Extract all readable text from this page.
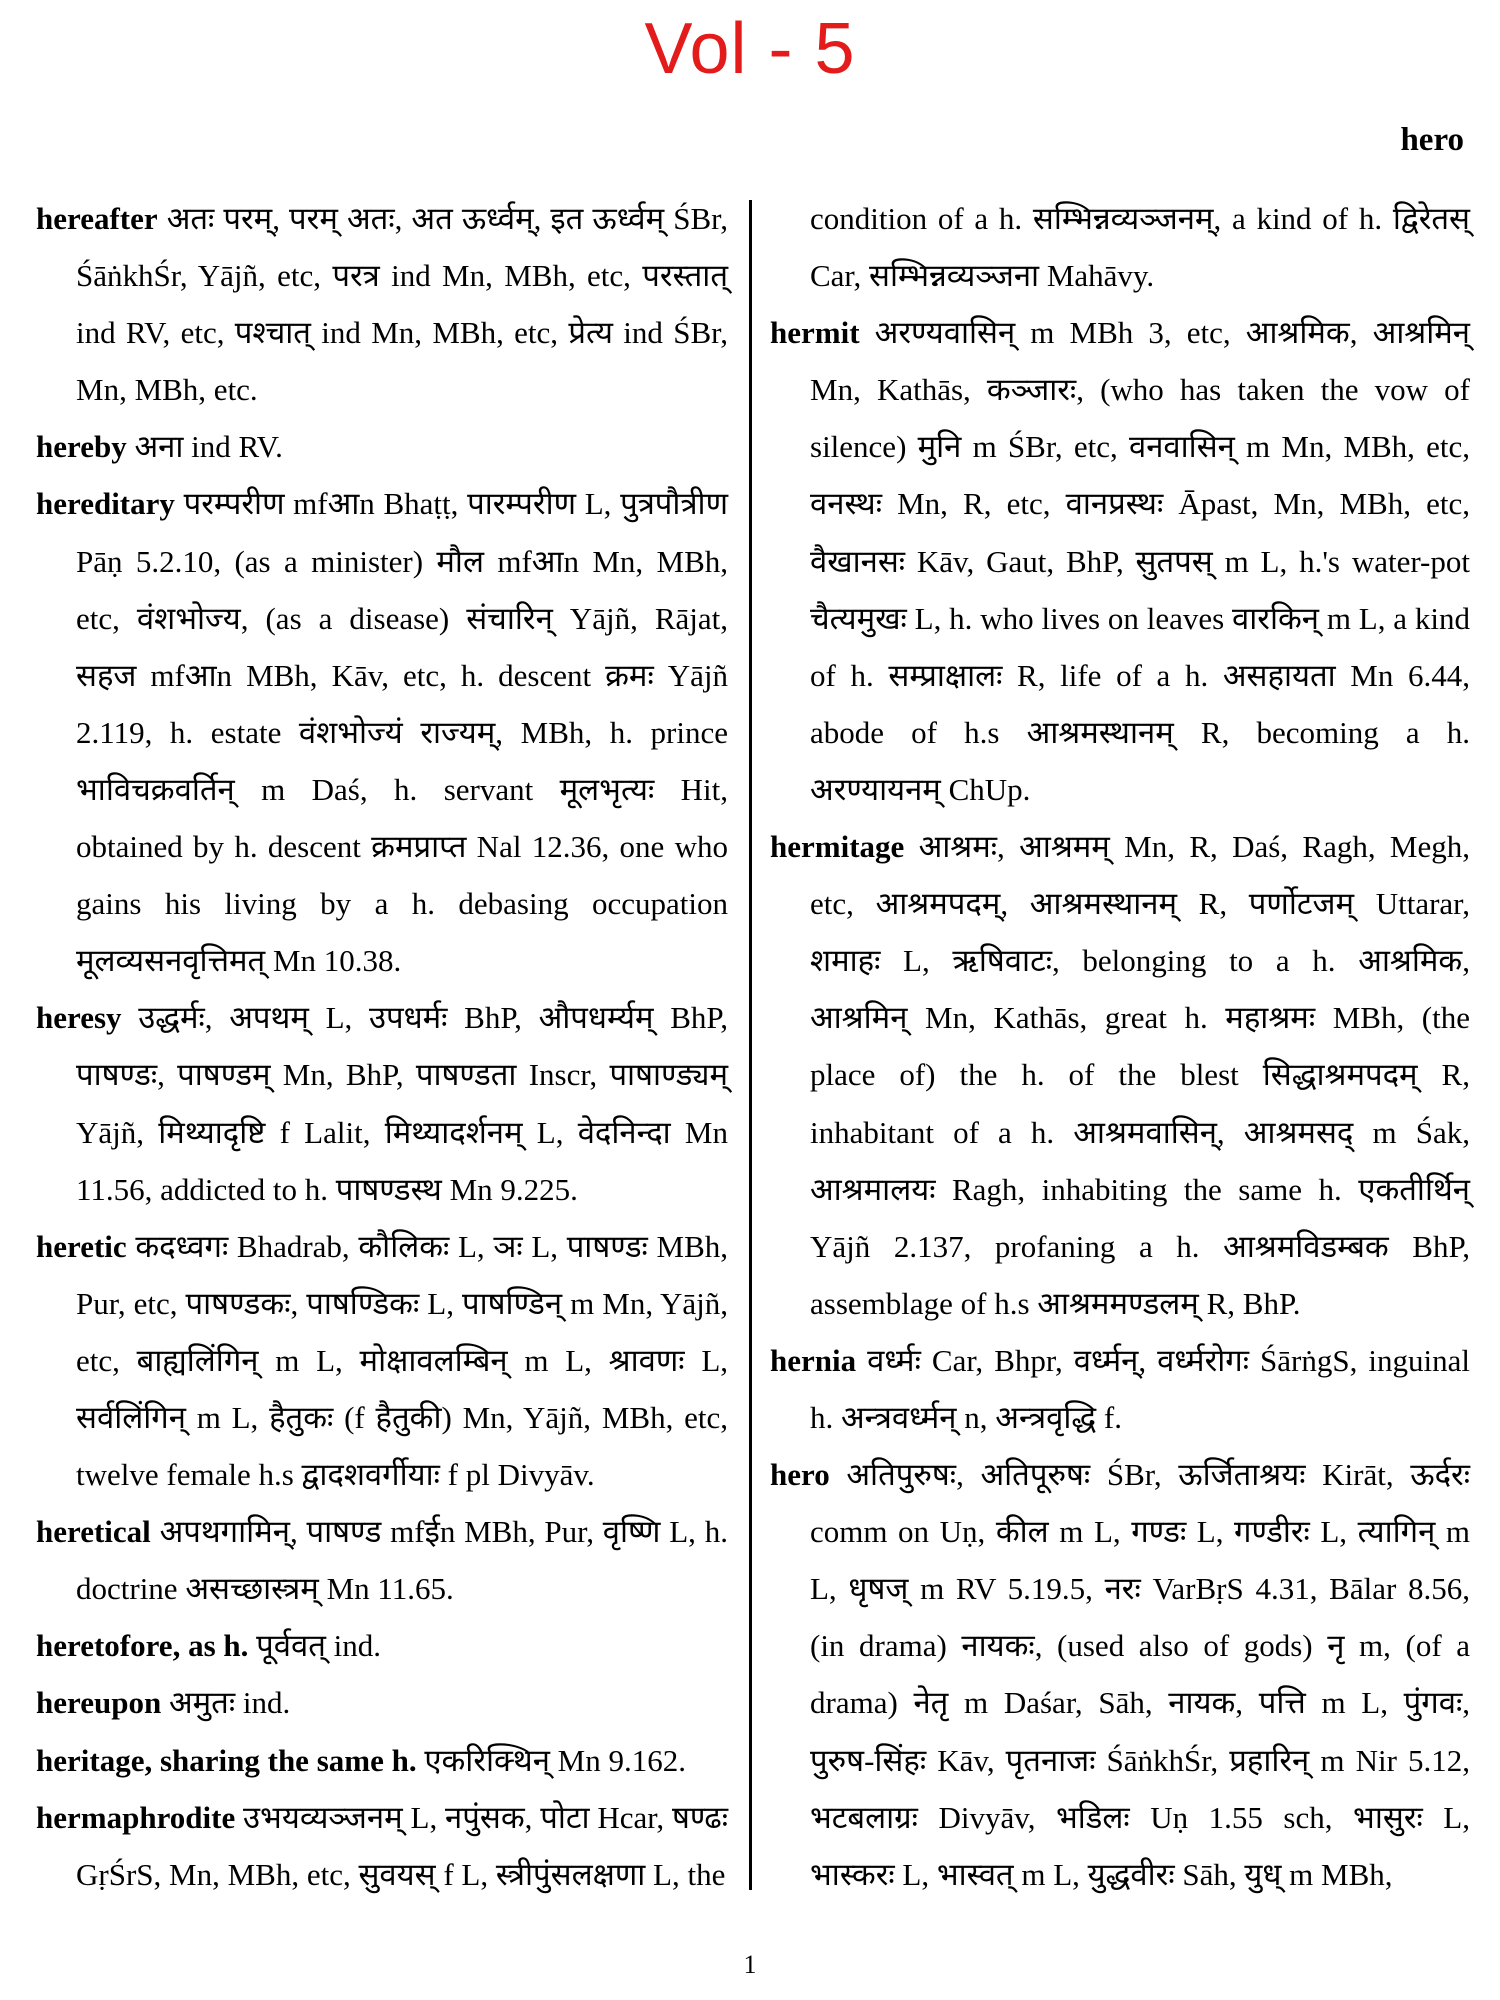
Vol - 5
hero

hereafter अतः परम्, परम् अतः, अत ऊर्ध्वम्, इत ऊर्ध्वम् ŚBr, ŚāṅkhŚr, Yājñ, etc, परत्र ind Mn, MBh, etc, परस्तात् ind RV, etc, पश्चात् ind Mn, MBh, etc, प्रेत्य ind ŚBr, Mn, MBh, etc.

hereby अना ind RV.

hereditary परम्परीण mfआn Bhaṭṭ, पारम्परीण L, पुत्रपौत्रीण Pāṇ 5.2.10, (as a minister) मौल mfआn Mn, MBh, etc, वंशभोज्य, (as a disease) संचारिन् Yājñ, Rājat, सहज mfआn MBh, Kāv, etc, h. descent क्रमः Yājñ 2.119, h. estate वंशभोज्यं राज्यम्, MBh, h. prince भाविचक्रवर्तिन् m Daś, h. servant मूलभृत्यः Hit, obtained by h. descent क्रमप्राप्त Nal 12.36, one who gains his living by a h. debasing occupation मूलव्यसनवृत्तिमत् Mn 10.38.

heresy उद्धर्मः, अपथम् L, उपधर्मः BhP, औपधर्म्यम् BhP, पाषण्डः, पाषण्डम् Mn, BhP, पाषण्डता Inscr, पाषाण्ड्यम् Yājñ, मिथ्यादृष्टि f Lalit, मिथ्यादर्शनम् L, वेदनिन्दा Mn 11.56, addicted to h. पाषण्डस्थ Mn 9.225.

heretic कदध्वगः Bhadrab, कौलिकः L, ञः L, पाषण्डः MBh, Pur, etc, पाषण्डकः, पाषण्डिकः L, पाषण्डिन् m Mn, Yājñ, etc, बाह्यलिंगिन् m L, मोक्षावलम्बिन् m L, श्रावणः L, सर्वलिंगिन् m L, हैतुकः (f हैतुकी) Mn, Yājñ, MBh, etc, twelve female h.s द्वादशवर्गीयाः f pl Divyāv.

heretical अपथगामिन्, पाषण्ड mfईn MBh, Pur, वृष्णि L, h. doctrine असच्छास्त्रम् Mn 11.65.

heretofore, as h. पूर्ववत् ind.

hereupon अमुतः ind.

heritage, sharing the same h. एकरिक्थिन् Mn 9.162.

hermaphrodite उभयव्यञ्जनम् L, नपुंसक, पोटा Hcar, षण्ढः GṛŚrS, Mn, MBh, etc, सुवयस् f L, स्त्रीपुंसलक्षणा L, the

condition of a h. सम्भिन्नव्यञ्जनम्, a kind of h. द्विरेतस् Car, सम्भिन्नव्यञ्जना Mahāvy.

hermit अरण्यवासिन् m MBh 3, etc, आश्रमिक, आश्रमिन् Mn, Kathās, कञ्जारः, (who has taken the vow of silence) मुनि m ŚBr, etc, वनवासिन् m Mn, MBh, etc, वनस्थः Mn, R, etc, वानप्रस्थः Āpast, Mn, MBh, etc, वैखानसः Kāv, Gaut, BhP, सुतपस् m L, h.'s water-pot चैत्यमुखः L, h. who lives on leaves वारकिन् m L, a kind of h. सम्प्राक्षालः R, life of a h. असहायता Mn 6.44, abode of h.s आश्रमस्थानम् R, becoming a h. अरण्यायनम् ChUp.

hermitage आश्रमः, आश्रमम् Mn, R, Daś, Ragh, Megh, etc, आश्रमपदम्, आश्रमस्थानम् R, पर्णोटजम् Uttarar, शमाहः L, ऋषिवाटः, belonging to a h. आश्रमिक, आश्रमिन् Mn, Kathās, great h. महाश्रमः MBh, (the place of) the h. of the blest सिद्धाश्रमपदम् R, inhabitant of a h. आश्रमवासिन्, आश्रमसद् m Śak, आश्रमालयः Ragh, inhabiting the same h. एकतीर्थिन् Yājñ 2.137, profaning a h. आश्रमविडम्बक BhP, assemblage of h.s आश्रममण्डलम् R, BhP.

hernia वर्ध्मः Car, Bhpr, वर्ध्मन्, वर्ध्मरोगः ŚārṅgS, inguinal h. अन्त्रवर्ध्मन् n, अन्त्रवृद्धि f.

hero अतिपुरुषः, अतिपूरुषः ŚBr, ऊर्जिताश्रयः Kirāt, ऊर्दरः comm on Uṇ, कील m L, गण्डः L, गण्डीरः L, त्यागिन् m L, धृषज् m RV 5.19.5, नरः VarBṛS 4.31, Bālar 8.56, (in drama) नायकः, (used also of gods) नृ m, (of a drama) नेतृ m Daśar, Sāh, नायक, पत्ति m L, पुंगवः, पुरुष-सिंहः Kāv, पृतनाजः ŚāṅkhŚr, प्रहारिन् m Nir 5.12, भटबलाग्रः Divyāv, भडिलः Uṇ 1.55 sch, भासुरः L, भास्करः L, भास्वत् m L, युद्धवीरः Sāh, युध् m MBh,

1
